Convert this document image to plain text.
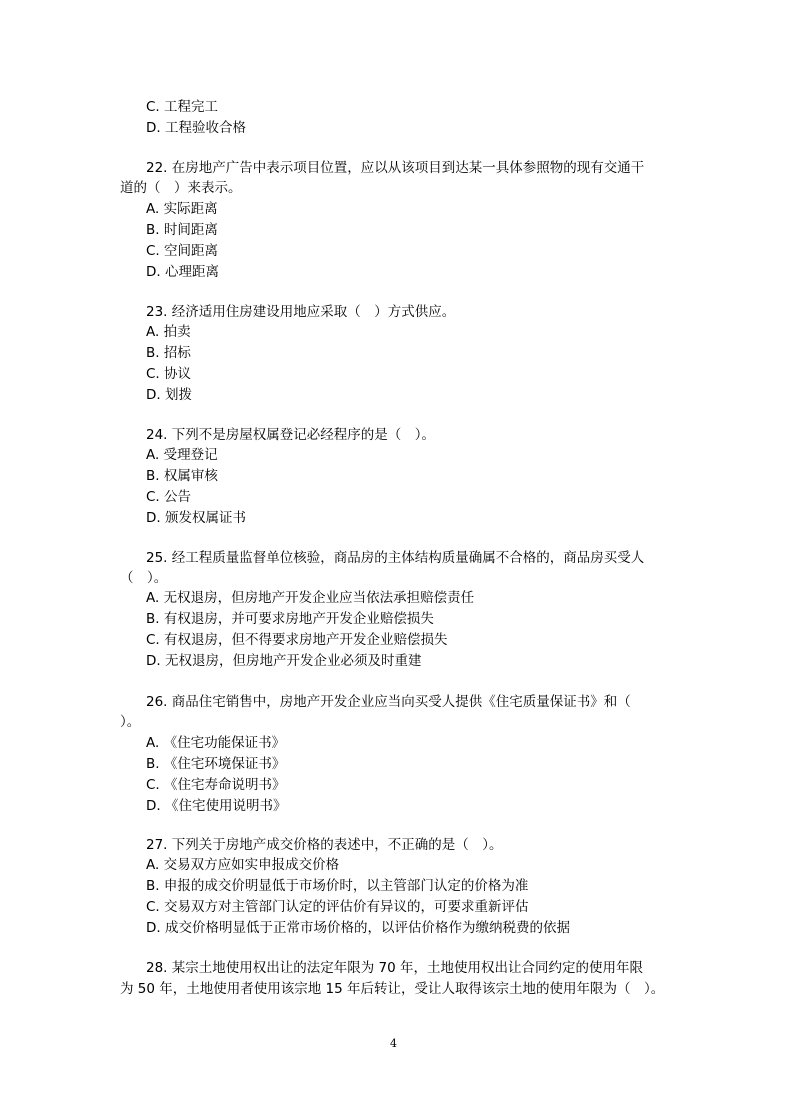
C. 工程完工
D. 工程验收合格
22. 在房地产广告中表示项目位置，应以从该项目到达某一具体参照物的现有交通干
道的（　）来表示。
A. 实际距离
B. 时间距离
C. 空间距离
D. 心理距离
23. 经济适用住房建设用地应采取（　）方式供应。
A. 拍卖
B. 招标
C. 协议
D. 划拨
24. 下列不是房屋权属登记必经程序的是（　）。
A. 受理登记
B. 权属审核
C. 公告
D. 颁发权属证书
25. 经工程质量监督单位核验，商品房的主体结构质量确属不合格的，商品房买受人
（　）。
A. 无权退房，但房地产开发企业应当依法承担赔偿责任
B. 有权退房，并可要求房地产开发企业赔偿损失
C. 有权退房，但不得要求房地产开发企业赔偿损失
D. 无权退房，但房地产开发企业必须及时重建
26. 商品住宅销售中，房地产开发企业应当向买受人提供《住宅质量保证书》和（
）。
A. 《住宅功能保证书》
B. 《住宅环境保证书》
C. 《住宅寿命说明书》
D. 《住宅使用说明书》
27. 下列关于房地产成交价格的表述中，不正确的是（　）。
A. 交易双方应如实申报成交价格
B. 申报的成交价明显低于市场价时，以主管部门认定的价格为准
C. 交易双方对主管部门认定的评估价有异议的，可要求重新评估
D. 成交价格明显低于正常市场价格的，以评估价格作为缴纳税费的依据
28. 某宗土地使用权出让的法定年限为 70 年，土地使用权出让合同约定的使用年限
为 50 年，土地使用者使用该宗地 15 年后转让，受让人取得该宗土地的使用年限为（　）。
4
